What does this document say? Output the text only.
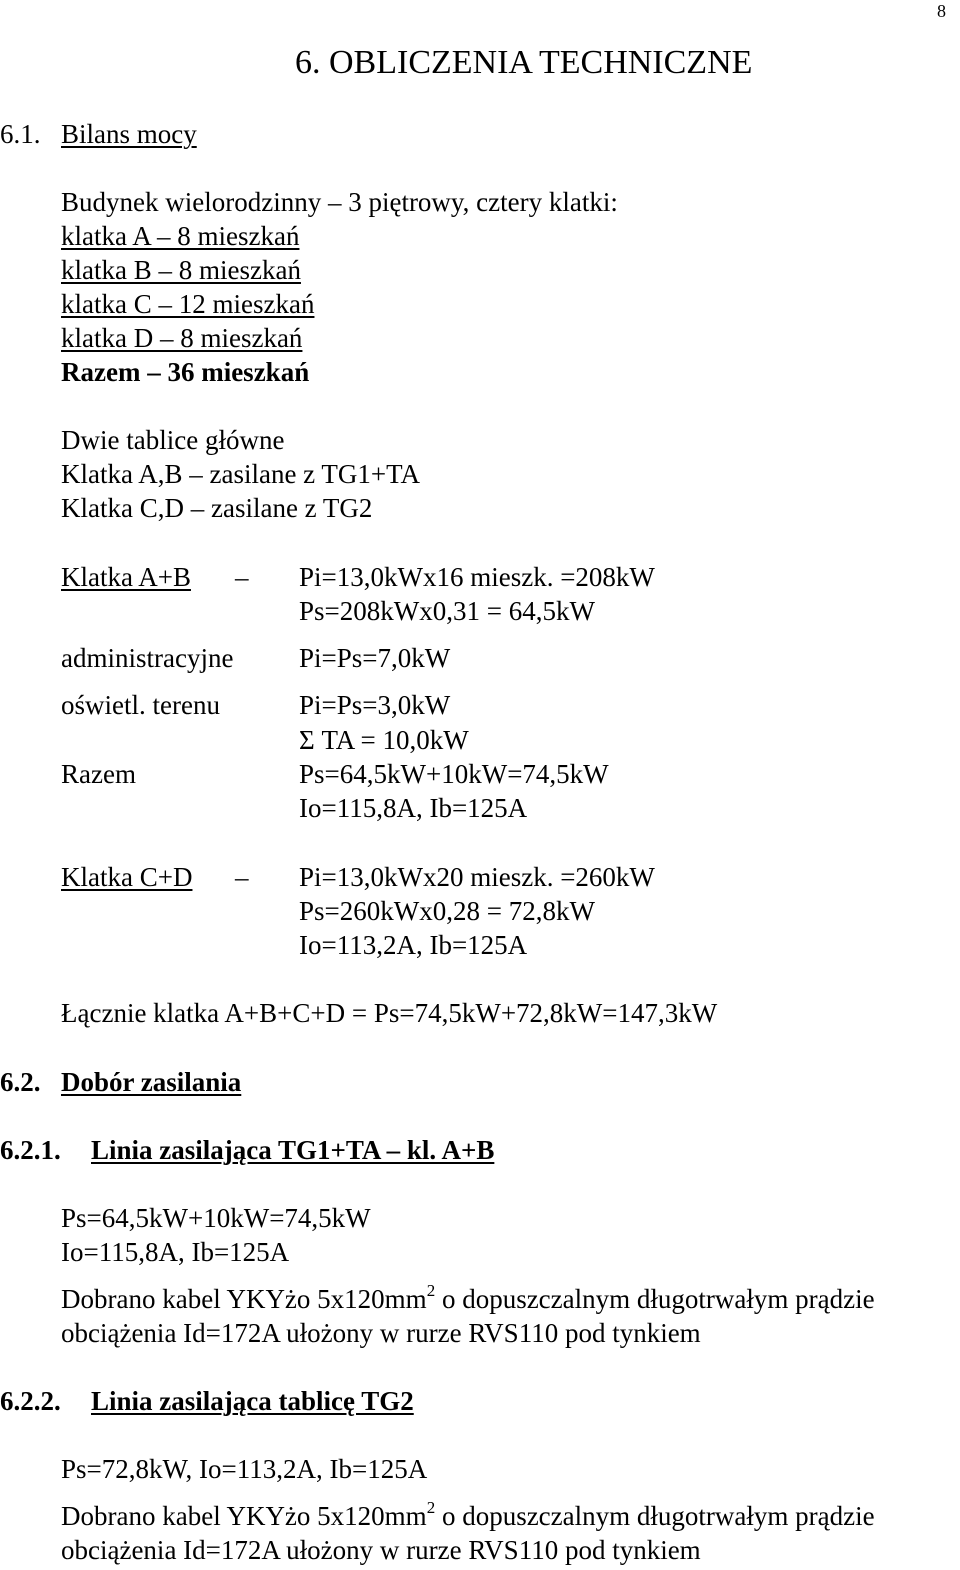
8
6. OBLICZENIA TECHNICZNE
6.1. Bilans mocy
Budynek wielorodzinny – 3 piętrowy, cztery klatki:
klatka A – 8 mieszkań
klatka B – 8 mieszkań
klatka C – 12 mieszkań
klatka D – 8 mieszkań
Razem – 36 mieszkań
Dwie tablice główne
Klatka A,B – zasilane z TG1+TA
Klatka C,D – zasilane z TG2
Klatka A+B – Pi=13,0kWx16 mieszk. =208kW
Ps=208kWx0,31 = 64,5kW
administracyjne Pi=Ps=7,0kW
oświetl. terenu	Pi=Ps=3,0kW
Σ TA = 10,0kW
Razem	Ps=64,5kW+10kW=74,5kW
Io=115,8A, Ib=125A
Klatka C+D – Pi=13,0kWx20 mieszk. =260kW
Ps=260kWx0,28 = 72,8kW
Io=113,2A, Ib=125A
Łącznie klatka A+B+C+D = Ps=74,5kW+72,8kW=147,3kW
6.2. Dobór zasilania
6.2.1. Linia zasilająca TG1+TA – kl. A+B
Ps=64,5kW+10kW=74,5kW
Io=115,8A, Ib=125A
Dobrano kabel YKYżo $5x120mm^2$ o dopuszczalnym długotrwałym prądzie
obciążenia Id=172A ułożony w rurze RVS110 pod tynkiem
6.2.2. Linia zasilająca tablicę TG2
Ps=72,8kW, Io=113,2A, Ib=125A
Dobrano kabel YKYżo $5x120mm^2$ o dopuszczalnym długotrwałym prądzie
obciążenia Id=172A ułożony w rurze RVS110 pod tynkiem
